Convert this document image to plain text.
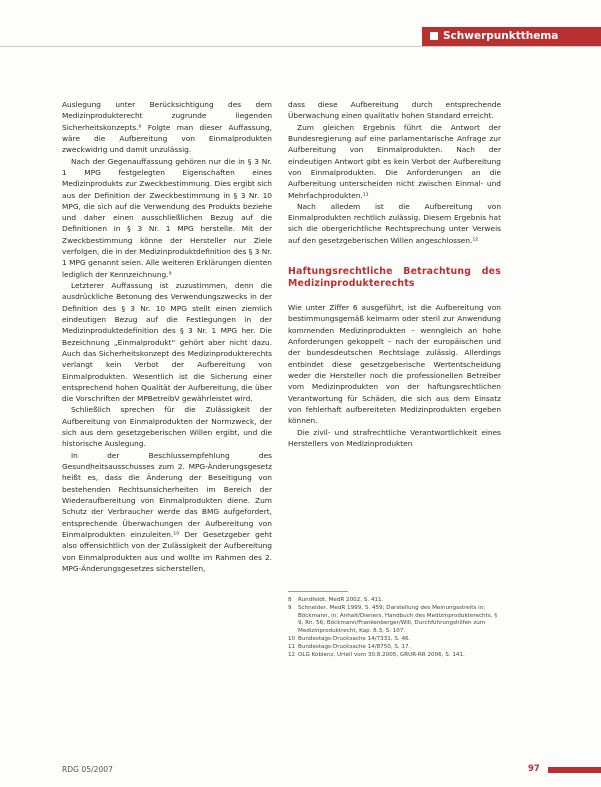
Schwerpunktthema

Auslegung unter Berücksichtigung des dem Medizinprodukterecht zugrunde liegenden Sicherheitskonzepts.⁹ Folgte man dieser Auffassung, wäre die Aufbereitung von Einmalprodukten zweckwidrig und damit unzulässig.

Nach der Gegenauffassung gehören nur die in § 3 Nr. 1 MPG festgelegten Eigenschaften eines Medizinprodukts zur Zweckbestimmung. Dies ergibt sich aus der Definition der Zweckbestimmung in § 3 Nr. 10 MPG, die sich auf die Verwendung des Produkts beziehe und daher einen ausschließlichen Bezug auf die Definitionen in § 3 Nr. 1 MPG herstelle. Mit der Zweckbestimmung könne der Hersteller nur Ziele verfolgen, die in der Medizinproduktdefinition des § 3 Nr. 1 MPG genannt seien. Alle weiteren Erklärungen dienten lediglich der Kennzeichnung.⁹

Letzterer Auffassung ist zuzustimmen, denn die ausdrückliche Betonung des Verwendungszwecks in der Definition des § 3 Nr. 10 MPG stellt einen ziemlich eindeutigen Bezug auf die Festlegungen in der Medizinproduktedefinition des § 3 Nr. 1 MPG her. Die Bezeichnung „Einmalprodukt“ gehört aber nicht dazu. Auch das Sicherheitskonzept des Medizinprodukterechts verlangt kein Verbot der Aufbereitung von Einmalprodukten. Wesentlich ist die Sicherung einer entsprechend hohen Qualität der Aufbereitung, die über die Vorschriften der MPBetreibV gewährleistet wird.

Schließlich sprechen für die Zulässigkeit der Aufbereitung von Einmalprodukten der Normzweck, der sich aus dem gesetzgeberischen Willen ergibt, und die historische Auslegung.

In der Beschlussempfehlung des Gesundheitsausschusses zum 2. MPG-Änderungsgesetz heißt es, dass die Änderung der Beseitigung von bestehenden Rechtsunsicherheiten im Bereich der Wiederaufbereitung von Einmalprodukten diene. Zum Schutz der Verbraucher werde das BMG aufgefordert, entsprechende Überwachungen der Aufbereitung von Einmalprodukten einzuleiten.¹⁰ Der Gesetzgeber geht also offensichtlich von der Zulässigkeit der Aufbereitung von Einmalprodukten aus und wollte im Rahmen des 2. MPG-Änderungsgesetzes sicherstellen,

dass diese Aufbereitung durch entsprechende Überwachung einen qualitativ hohen Standard erreicht.

Zum gleichen Ergebnis führt die Antwort der Bundesregierung auf eine parlamentarische Anfrage zur Aufbereitung von Einmalprodukten. Nach der eindeutigen Antwort gibt es kein Verbot der Aufbereitung von Einmalprodukten. Die Anforderungen an die Aufbereitung unterscheiden nicht zwischen Einmal- und Mehrfachprodukten.¹¹

Nach alledem ist die Aufbereitung von Einmalprodukten rechtlich zulässig. Diesem Ergebnis hat sich die obergerichtliche Rechtsprechung unter Verweis auf den gesetzgeberischen Willen angeschlossen.¹²

Haftungsrechtliche Betrachtung des Medizinprodukterechts

Wie unter Ziffer 6 ausgeführt, ist die Aufbereitung von bestimmungsgemäß keimarm oder steril zur Anwendung kommenden Medizinprodukten – wenngleich an hohe Anforderungen gekoppelt – nach der europäischen und der bundesdeutschen Rechtslage zulässig. Allerdings entbindet diese gesetzgeberische Wertentscheidung weder die Hersteller noch die professionellen Betreiber vom Medizinprodukten von der haftungsrechtlichen Verantwortung für Schäden, die sich aus dem Einsatz von fehlerhaft aufbereiteten Medizinprodukten ergeben können.

Die zivil- und strafrechtliche Verantwortlichkeit eines Herstellers von Medizinprodukten

8	Rundfeldt, MedR 2002, S. 411.
9	Schneider, MedR 1999, S. 459; Darstellung des Meinungsstreits in: Böckmann, in: Anhalt/Dieners, Handbuch des Medizinprodukterechts, § 9, Rn. 56; Böckmann/Frankenberger/Will, Durchführungshilfen zum Medizinproduktrecht, Kap. 8.3, S. 107.
10 Bundestags-Drucksache 14/7331, S. 46.
11 Bundestags-Drucksache 14/8750, S. 17.
12 OLG Koblenz, Urteil vom 30.8.2005, GRUR-RR 2006, S. 141.
RDG 05/2007	97
